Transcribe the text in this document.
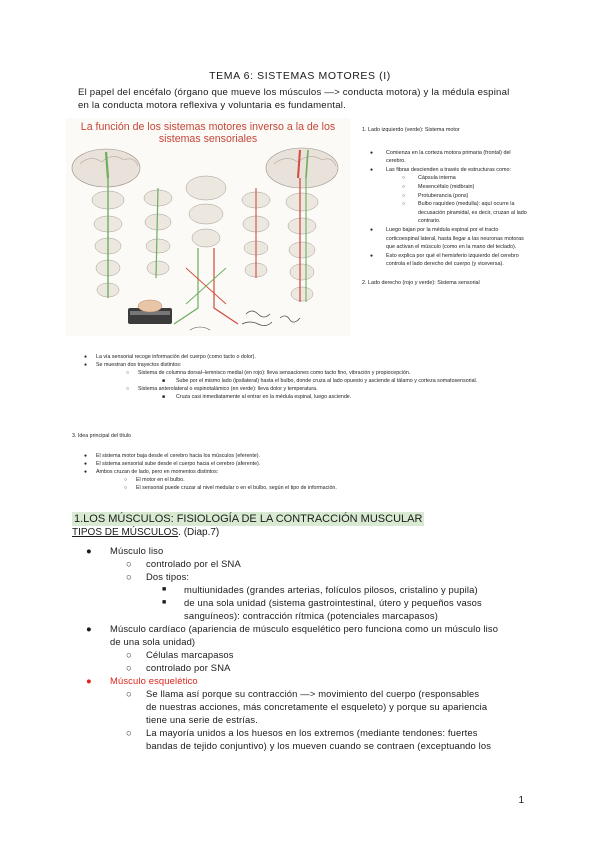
TEMA 6: SISTEMAS MOTORES (I)
El papel del encéfalo (órgano que mueve los músculos —> conducta motora) y la médula espinal en la conducta motora reflexiva y voluntaria es fundamental.
La función de los sistemas motores inverso a la de los
sistemas sensoriales
1. Lado izquierdo (verde): Sistema motor
● Comienza en la corteza motora primaria (frontal) del cerebro.
● Las fibras descienden a través de estructuras como:
○ Cápsula interna
○ Mesencéfalo (midbrain)
○ Protuberancia (pons)
○ Bulbo raquídeo (medulla): aquí ocurre la decusación piramidal, es decir, cruzan al lado contrario.
● Luego bajan por la médula espinal por el tracto corticoespinal lateral, hasta llegar a las neuronas motoras que activan el músculo (como en la mano del teclado).
● Esto explica por qué el hemisferio izquierdo del cerebro controla el lado derecho del cuerpo (y viceversa).
2. Lado derecho (rojo y verde): Sistema sensorial
● La vía sensorial recoge información del cuerpo (como tacto o dolor).
● Se muestran dos trayectos distintos:
○ Sistema de columna dorsal–lemnisco medial (en rojo): lleva sensaciones como tacto fino, vibración y propiocepción.
■ Sube por el mismo lado (ipsilateral) hasta el bulbo, donde cruza al lado opuesto y asciende al tálamo y corteza somatosensorial.
○ Sistema anterolateral o espinotalámico (en verde): lleva dolor y temperatura.
■ Cruza casi inmediatamente al entrar en la médula espinal, luego asciende.
3. Idea principal del título
● El sistema motor baja desde el cerebro hacia los músculos (eferente).
● El sistema sensorial sube desde el cuerpo hacia el cerebro (aferente).
● Ambos cruzan de lado, pero en momentos distintos:
○ El motor en el bulbo.
○ El sensorial puede cruzar al nivel medular o en el bulbo, según el tipo de información.
1.LOS MÚSCULOS: FISIOLOGÍA DE LA CONTRACCIÓN MUSCULAR
TIPOS DE MÚSCULOS. (Diap.7)
● Músculo liso
○ controlado por el SNA
○ Dos tipos:
■ multiunidades (grandes arterias, folículos pilosos, cristalino y pupila)
■ de una sola unidad (sistema gastrointestinal, útero y pequeños vasos
sanguíneos): contracción rítmica (potenciales marcapasos)
● Músculo cardíaco (apariencia de músculo esquelético pero funciona como un músculo liso
de una sola unidad)
○ Células marcapasos
○ controlado por SNA
● Músculo esquelético
○ Se llama así porque su contracción —> movimiento del cuerpo (responsables
de nuestras acciones, más concretamente el esqueleto) y porque su apariencia
tiene una serie de estrías.
○ La mayoría unidos a los huesos en los extremos (mediante tendones: fuertes
bandas de tejido conjuntivo) y los mueven cuando se contraen (exceptuando los
1
